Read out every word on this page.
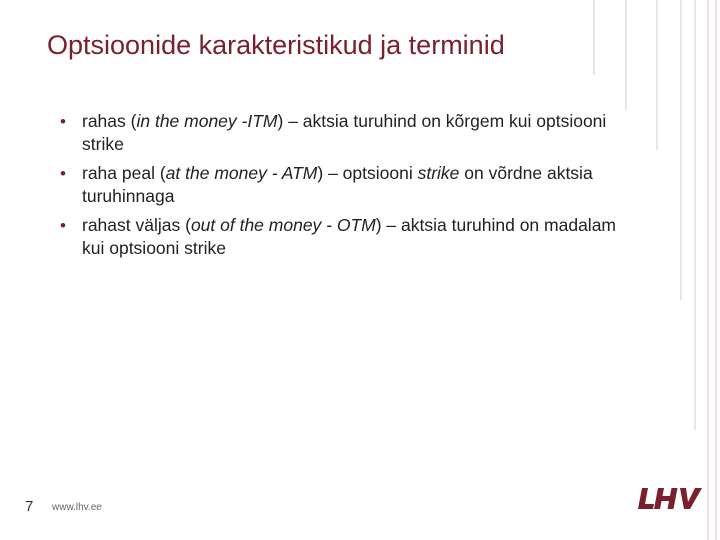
Optsioonide karakteristikud ja terminid
• rahas (in the money -ITM) – aktsia turuhind on kõrgem kui optsiooni strike
• raha peal (at the money - ATM) – optsiooni strike on võrdne aktsia turuhinnaga
• rahast väljas (out of the money - OTM) – aktsia turuhind on madalam kui optsiooni strike
7 www.lhv.ee
